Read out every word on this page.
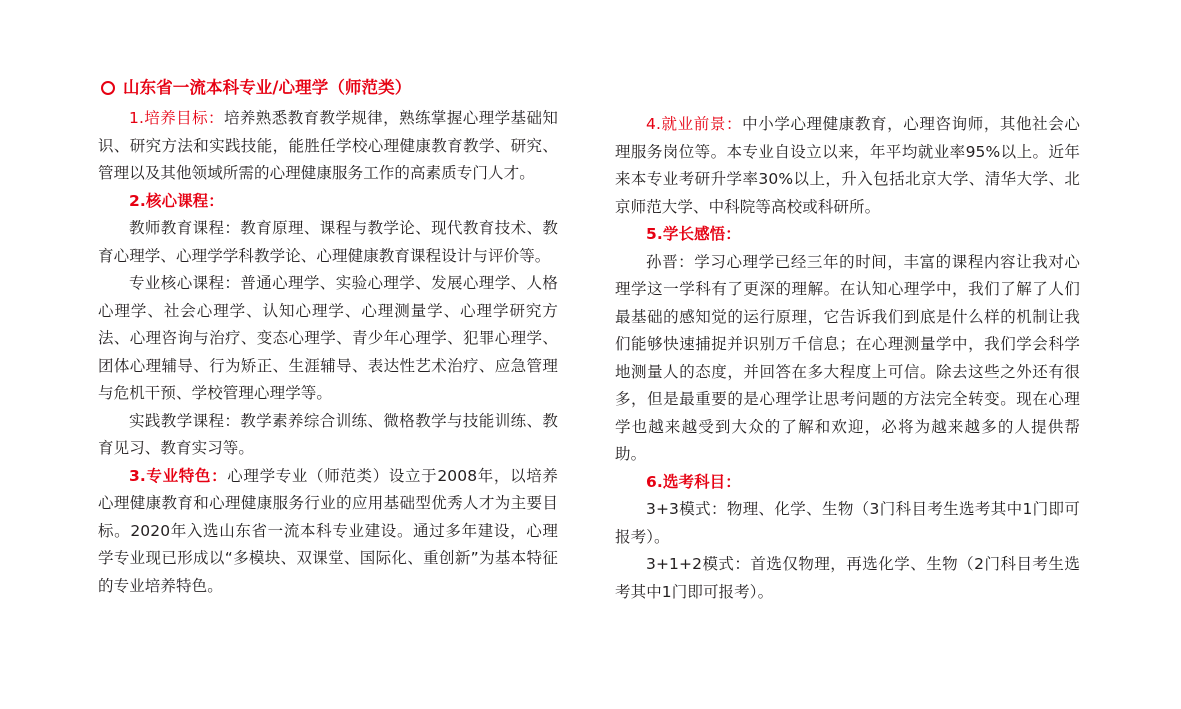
山东省一流本科专业/心理学（师范类）

1.培养目标：培养熟悉教育教学规律，熟练掌握心理学基础知识、研究方法和实践技能，能胜任学校心理健康教育教学、研究、管理以及其他领域所需的心理健康服务工作的高素质专门人才。

2.核心课程：

教师教育课程：教育原理、课程与教学论、现代教育技术、教育心理学、心理学学科教学论、心理健康教育课程设计与评价等。

专业核心课程：普通心理学、实验心理学、发展心理学、人格心理学、社会心理学、认知心理学、心理测量学、心理学研究方法、心理咨询与治疗、变态心理学、青少年心理学、犯罪心理学、团体心理辅导、行为矫正、生涯辅导、表达性艺术治疗、应急管理与危机干预、学校管理心理学等。

实践教学课程：教学素养综合训练、微格教学与技能训练、教育见习、教育实习等。

3.专业特色：心理学专业（师范类）设立于2008年，以培养心理健康教育和心理健康服务行业的应用基础型优秀人才为主要目标。2020年入选山东省一流本科专业建设。通过多年建设，心理学专业现已形成以“多模块、双课堂、国际化、重创新”为基本特征的专业培养特色。

4.就业前景：中小学心理健康教育，心理咨询师，其他社会心理服务岗位等。本专业自设立以来，年平均就业率95%以上。近年来本专业考研升学率30%以上，升入包括北京大学、清华大学、北京师范大学、中科院等高校或科研所。

5.学长感悟：

孙晋：学习心理学已经三年的时间，丰富的课程内容让我对心理学这一学科有了更深的理解。在认知心理学中，我们了解了人们最基础的感知觉的运行原理，它告诉我们到底是什么样的机制让我们能够快速捕捉并识别万千信息；在心理测量学中，我们学会科学地测量人的态度，并回答在多大程度上可信。除去这些之外还有很多，但是最重要的是心理学让思考问题的方法完全转变。现在心理学也越来越受到大众的了解和欢迎，必将为越来越多的人提供帮助。

6.选考科目：

3+3模式：物理、化学、生物（3门科目考生选考其中1门即可报考）。

3+1+2模式：首选仅物理，再选化学、生物（2门科目考生选考其中1门即可报考）。
